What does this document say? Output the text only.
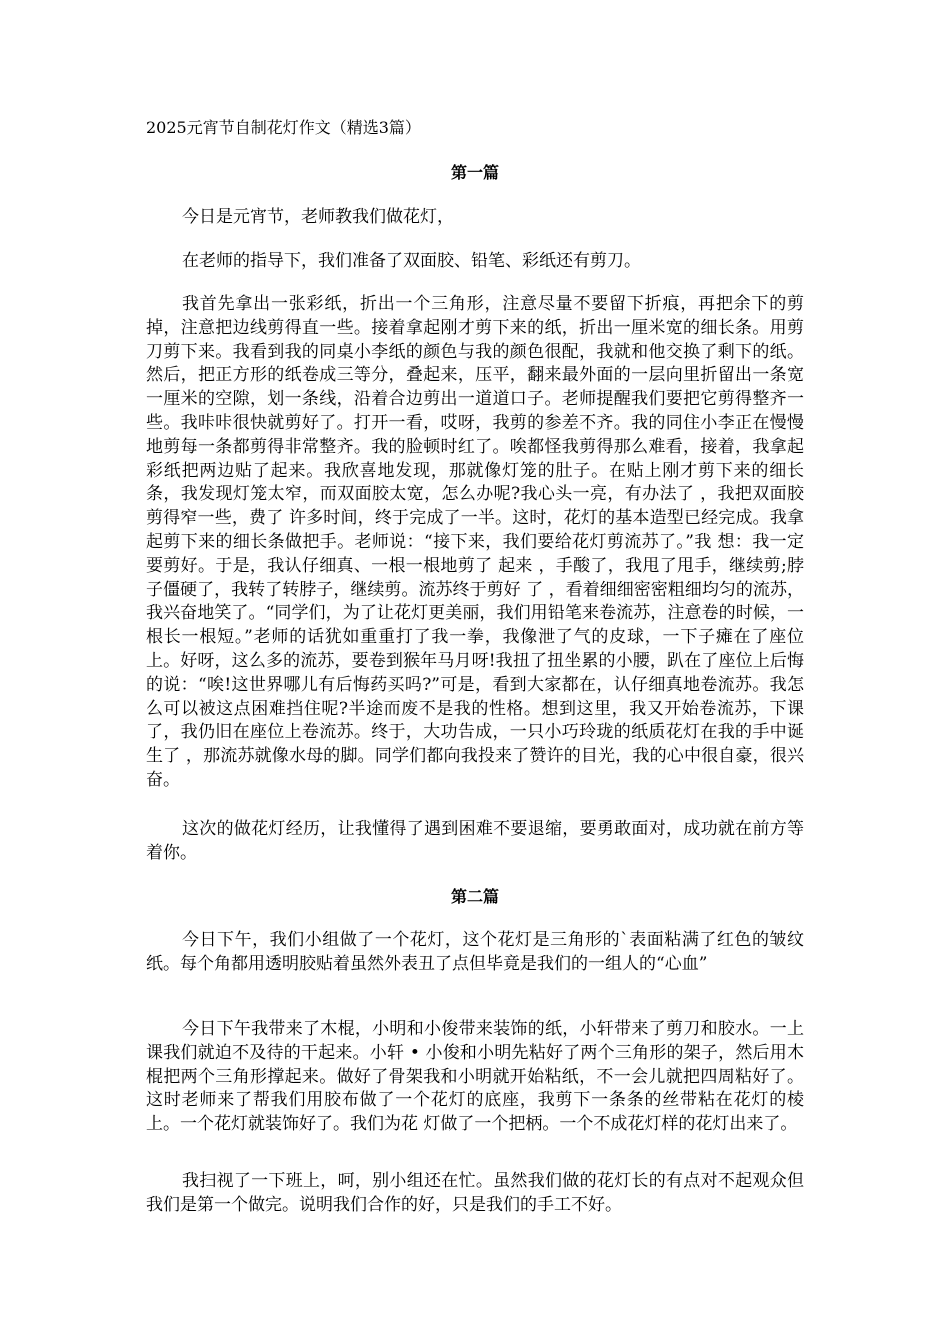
2025元宵节自制花灯作文（精选3篇）
第一篇
今日是元宵节，老师教我们做花灯，
在老师的指导下，我们准备了双面胶、铅笔、彩纸还有剪刀。
我首先拿出一张彩纸，折出一个三角形，注意尽量不要留下折痕，再把余下的剪掉，注意把边线剪得直一些。接着拿起刚才剪下来的纸，折出一厘米宽的细长条。用剪刀剪下来。我看到我的同桌小李纸的颜色与我的颜色很配，我就和他交换了剩下的纸。然后，把正方形的纸卷成三等分，叠起来，压平，翻来最外面的一层向里折留出一条宽一厘米的空隙，划一条线，沿着合边剪出一道道口子。老师提醒我们要把它剪得整齐一些。我咔咔很快就剪好了。打开一看，哎呀，我剪的参差不齐。我的同住小李正在慢慢地剪每一条都剪得非常整齐。我的脸顿时红了。唉都怪我剪得那么难看，接着，我拿起彩纸把两边贴了起来。我欣喜地发现，那就像灯笼的肚子。在贴上刚才剪下来的细长条，我发现灯笼太窄，而双面胶太宽，怎么办呢?我心头一亮，有办法了 ，我把双面胶剪得窄一些，费了 许多时间，终于完成了一半。这时，花灯的基本造型已经完成。我拿起剪下来的细长条做把手。老师说：“接下来，我们要给花灯剪流苏了。”我 想：我一定要剪好。于是，我认仔细真、一根一根地剪了 起来 ，手酸了，我甩了甩手，继续剪;脖子僵硬了，我转了转脖子，继续剪。流苏终于剪好 了 ，看着细细密密粗细均匀的流苏，我兴奋地笑了。“同学们，为了让花灯更美丽，我们用铅笔来卷流苏，注意卷的时候，一根长一根短。”老师的话犹如重重打了我一拳，我像泄了气的皮球，一下子瘫在了座位上。好呀，这么多的流苏，要卷到猴年马月呀!我扭了扭坐累的小腰，趴在了座位上后悔的说：“唉!这世界哪儿有后悔药买吗?”可是，看到大家都在，认仔细真地卷流苏。我怎么可以被这点困难挡住呢?半途而废不是我的性格。想到这里，我又开始卷流苏，下课了，我仍旧在座位上卷流苏。终于，大功告成，一只小巧玲珑的纸质花灯在我的手中诞生了 ，那流苏就像水母的脚。同学们都向我投来了赞许的目光，我的心中很自豪，很兴奋。
这次的做花灯经历，让我懂得了遇到困难不要退缩，要勇敢面对，成功就在前方等着你。
第二篇
今日下午，我们小组做了一个花灯，这个花灯是三角形的`表面粘满了红色的皱纹纸。每个角都用透明胶贴着虽然外表丑了点但毕竟是我们的一组人的“心血”
今日下午我带来了木棍，小明和小俊带来装饰的纸，小轩带来了剪刀和胶水。一上课我们就迫不及待的干起来。小轩 • 小俊和小明先粘好了两个三角形的架子，然后用木棍把两个三角形撑起来。做好了骨架我和小明就开始粘纸，不一会儿就把四周粘好了。这时老师来了帮我们用胶布做了一个花灯的底座，我剪下一条条的丝带粘在花灯的棱上。一个花灯就装饰好了。我们为花 灯做了一个把柄。一个不成花灯样的花灯出来了。
我扫视了一下班上，呵，别小组还在忙。虽然我们做的花灯长的有点对不起观众但我们是第一个做完。说明我们合作的好，只是我们的手工不好。
